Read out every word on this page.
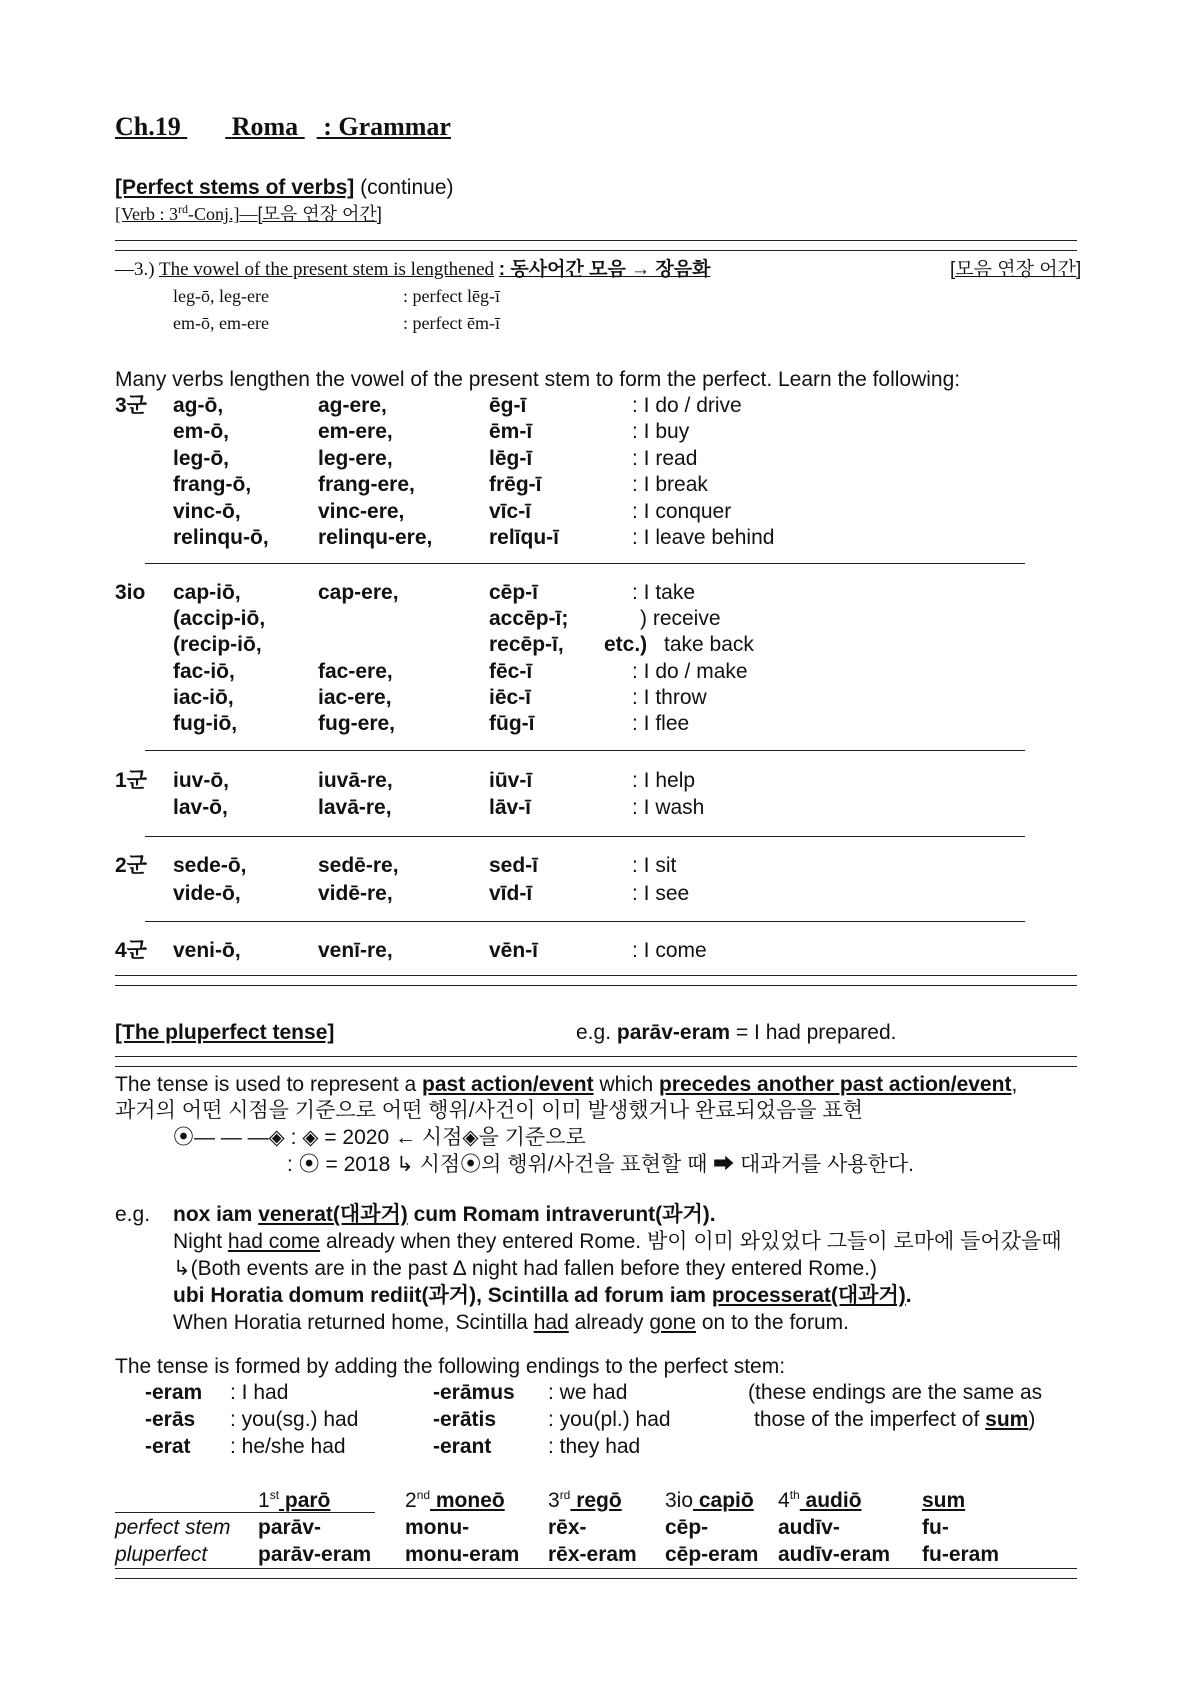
Ch.19 Roma : Grammar
[Perfect stems of verbs] (continue)
[Verb : 3rd-Conj.]—[모음 연장 어간]
—3.) The vowel of the present stem is lengthened : 동사어간 모음 → 장음화	[모음 연장 어간]
leg-ō, leg-ere	: perfect lēg-ī
em-ō, em-ere	: perfect ēm-ī
Many verbs lengthen the vowel of the present stem to form the perfect. Learn the following:
3군 ag-ō,	ag-ere,	ēg-ī	: I do / drive
em-ō,	em-ere,	ēm-ī	: I buy
leg-ō,	leg-ere,	lēg-ī	: I read
frang-ō,	frang-ere,	frēg-ī	: I break
vinc-ō,	vinc-ere,	vīc-ī	: I conquer
relinqu-ō, relinqu-ere,	relīqu-ī	: I leave behind
3io cap-iō,	cap-ere,	cēp-ī	: I take
(accip-iō,	accēp-ī;	) receive
(recip-iō,	recēp-ī, etc.) take back
fac-iō,	fac-ere,	fēc-ī	: I do / make
iac-iō,	iac-ere,	iēc-ī	: I throw
fug-iō,	fug-ere,	fūg-ī	: I flee
1군 iuv-ō,	iuvā-re,	iūv-ī	: I help
lav-ō,	lavā-re,	lāv-ī	: I wash
2군 sede-ō,	sedē-re,	sed-ī	: I sit
vide-ō,	vidē-re,	vīd-ī	: I see
4군 veni-ō,	venī-re,	vēn-ī	: I come
[The pluperfect tense]	e.g. parāv-eram = I had prepared.
The tense is used to represent a past action/event which precedes another past action/event,
과거의 어떤 시점을 기준으로 어떤 행위/사건이 이미 발생했거나 완료되었음을 표현
⦿— — —◈ : ◈ = 2020 ← 시점◈을 기준으로
: ⦿ = 2018 ↳ 시점⦿의 행위/사건을 표현할 때 ➡ 대과거를 사용한다.
e.g. nox iam venerat(대과거) cum Romam intraverunt(과거).
Night had come already when they entered Rome. 밤이 이미 와있었다 그들이 로마에 들어갔을때
↳(Both events are in the past ∆ night had fallen before they entered Rome.)
ubi Horatia domum rediit(과거), Scintilla ad forum iam processerat(대과거).
When Horatia returned home, Scintilla had already gone on to the forum.
The tense is formed by adding the following endings to the perfect stem:
-eram : I had	-erāmus : we had
-erās : you(sg.) had	-erātis : you(pl.) had
-erat : he/she had	-erant	: they had
(these endings are the same as
those of the imperfect of sum)
1st parō	2nd moneō 3rd regō 3io capiō 4th audiō	sum
perfect stem parāv-	monu-	rēx-	cēp-	audīv-	fu-
pluperfect parāv-eram monu-eram rēx-eram cēp-eram audīv-eram fu-eram
